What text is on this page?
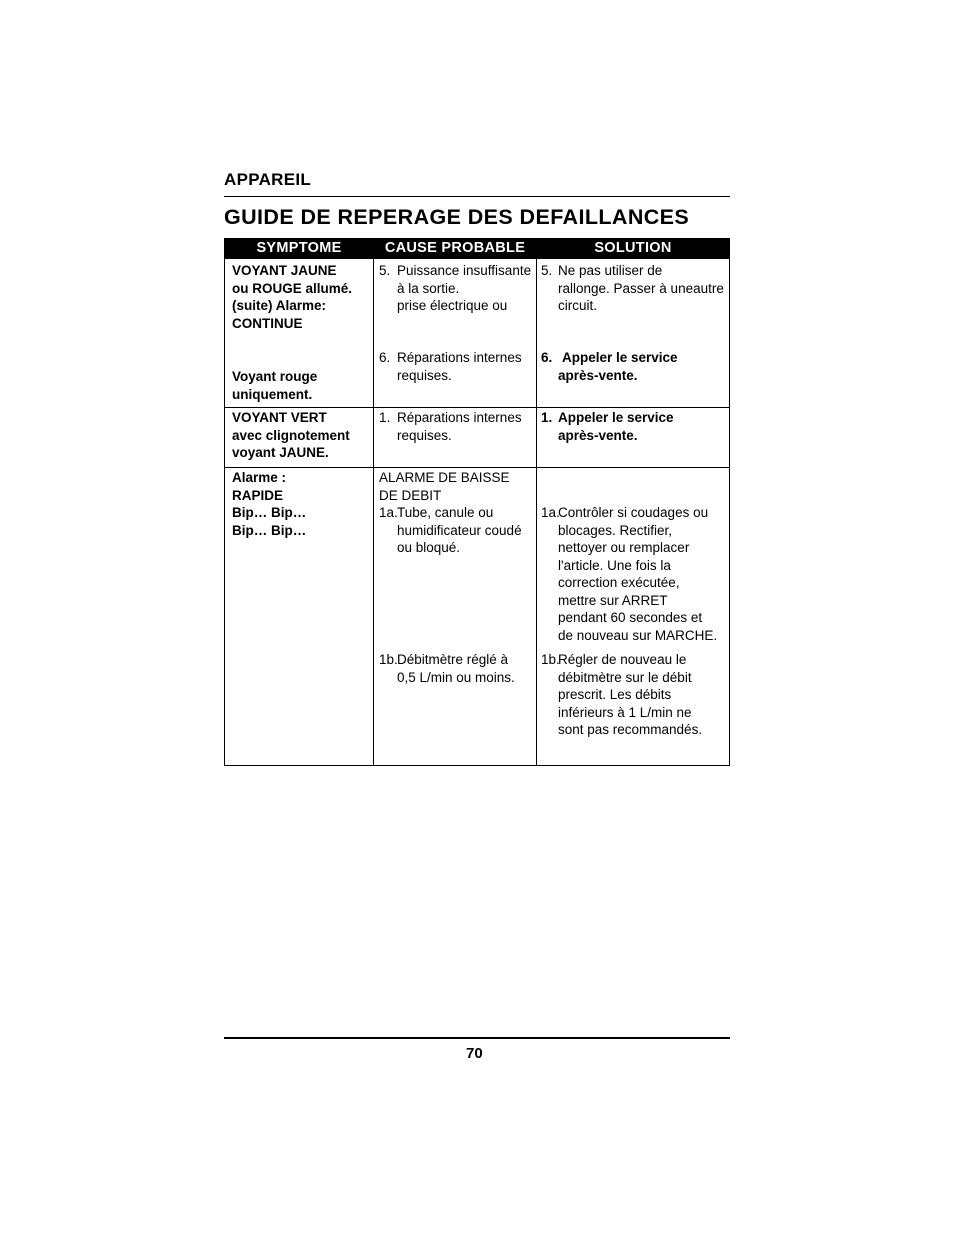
APPAREIL
GUIDE DE REPERAGE DES DEFAILLANCES
SYMPTOME	CAUSE PROBABLE	SOLUTION
VOYANT JAUNE
ou ROUGE allumé.
(suite) Alarme:
CONTINUE
Voyant rouge
uniquement.
5. Puissance insuffisante
à la sortie.
prise électrique ou
5. Ne pas utiliser de
rallonge. Passer à uneautre
circuit.
6. Réparations internes
requises.
6. Appeler le service
après-vente.
VOYANT VERT
avec clignotement
voyant JAUNE.
1. Réparations internes
requises.
1. Appeler le service
après-vente.
Alarme :
RAPIDE
Bip… Bip…
Bip… Bip…
ALARME DE BAISSE
DE DEBIT
1a. Tube, canule ou
humidificateur coudé
ou bloqué.
1a.
Contrôler si coudages ou
blocages. Rectifier,
nettoyer ou remplacer
l'article. Une fois la
correction exécutée,
mettre sur ARRET
pendant 60 secondes et
de nouveau sur MARCHE.
1b. Débitmètre réglé à
0,5 L/min ou moins.
1b.
Régler de nouveau le
débitmètre sur le débit
prescrit. Les débits
inférieurs à 1 L/min ne
sont pas recommandés.
70
